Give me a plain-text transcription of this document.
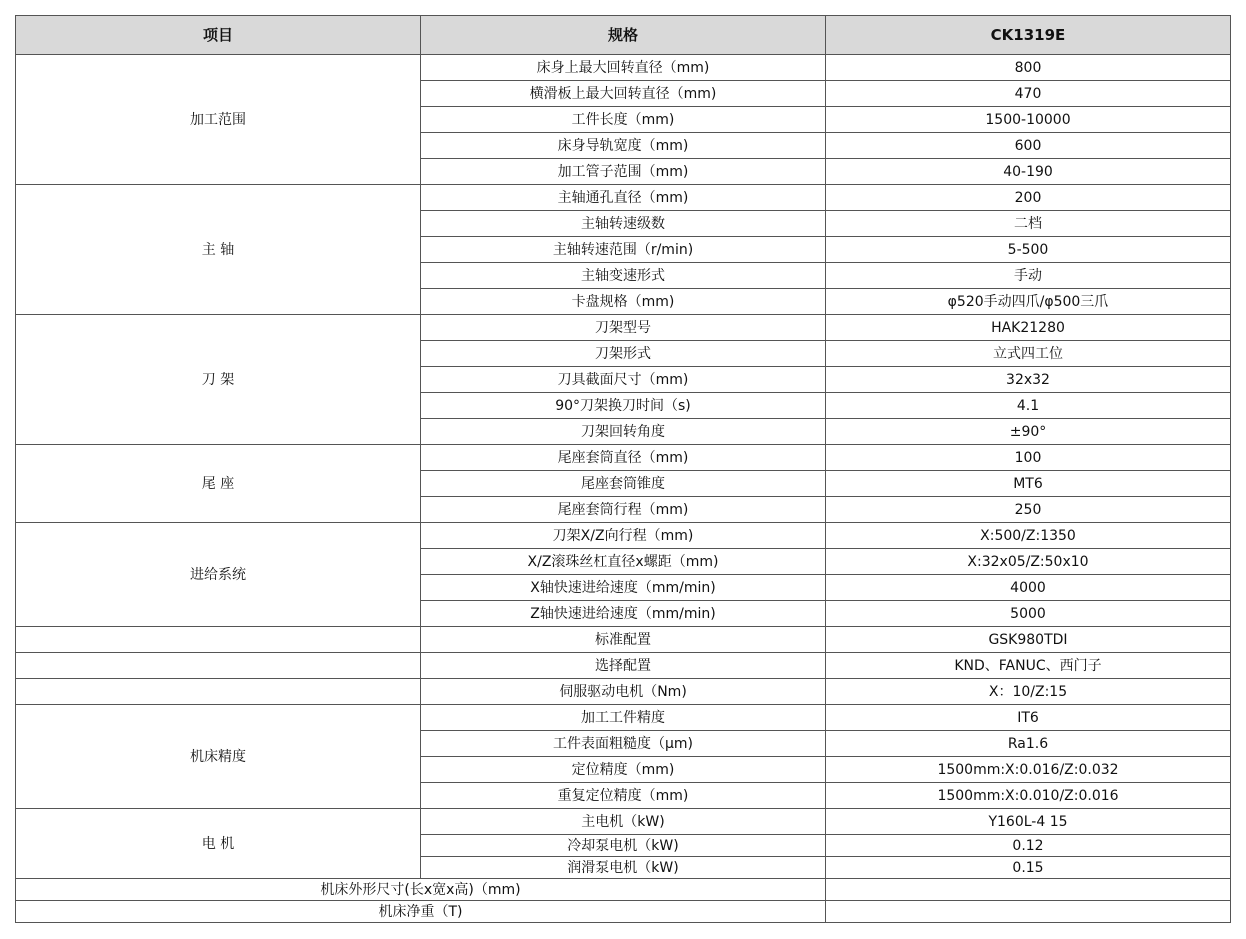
项目	规格	CK1319E
加工范围	床身上最大回转直径（mm)	800
	横滑板上最大回转直径（mm)	470
	工件长度（mm)	1500-10000
	床身导轨宽度（mm)	600
	加工管子范围（mm)	40-190
主 轴	主轴通孔直径（mm)	200
	主轴转速级数	二档
	主轴转速范围（r/min)	5-500
	主轴变速形式	手动
	卡盘规格（mm)	φ520手动四爪/φ500三爪
刀 架	刀架型号	HAK21280
	刀架形式	立式四工位
	刀具截面尺寸（mm)	32x32
	90°刀架换刀时间（s)	4.1
	刀架回转角度	±90°
尾 座	尾座套筒直径（mm)	100
	尾座套筒锥度	MT6
	尾座套筒行程（mm)	250
进给系统	刀架X/Z向行程（mm)	X:500/Z:1350
	X/Z滚珠丝杠直径x螺距（mm)	X:32x05/Z:50x10
	X轴快速进给速度（mm/min)	4000
	Z轴快速进给速度（mm/min)	5000
	标准配置	GSK980TDI
	选择配置	KND、FANUC、西门子
	伺服驱动电机（Nm)	X：10/Z:15
机床精度	加工工件精度	IT6
	工件表面粗糙度（μm)	Ra1.6
	定位精度（mm)	1500mm:X:0.016/Z:0.032
	重复定位精度（mm)	1500mm:X:0.010/Z:0.016
电 机	主电机（kW)	Y160L-4 15
	冷却泵电机（kW)	0.12
	润滑泵电机（kW)	0.15
机床外形尺寸(长x宽x高)（mm)		
机床净重（T)		
